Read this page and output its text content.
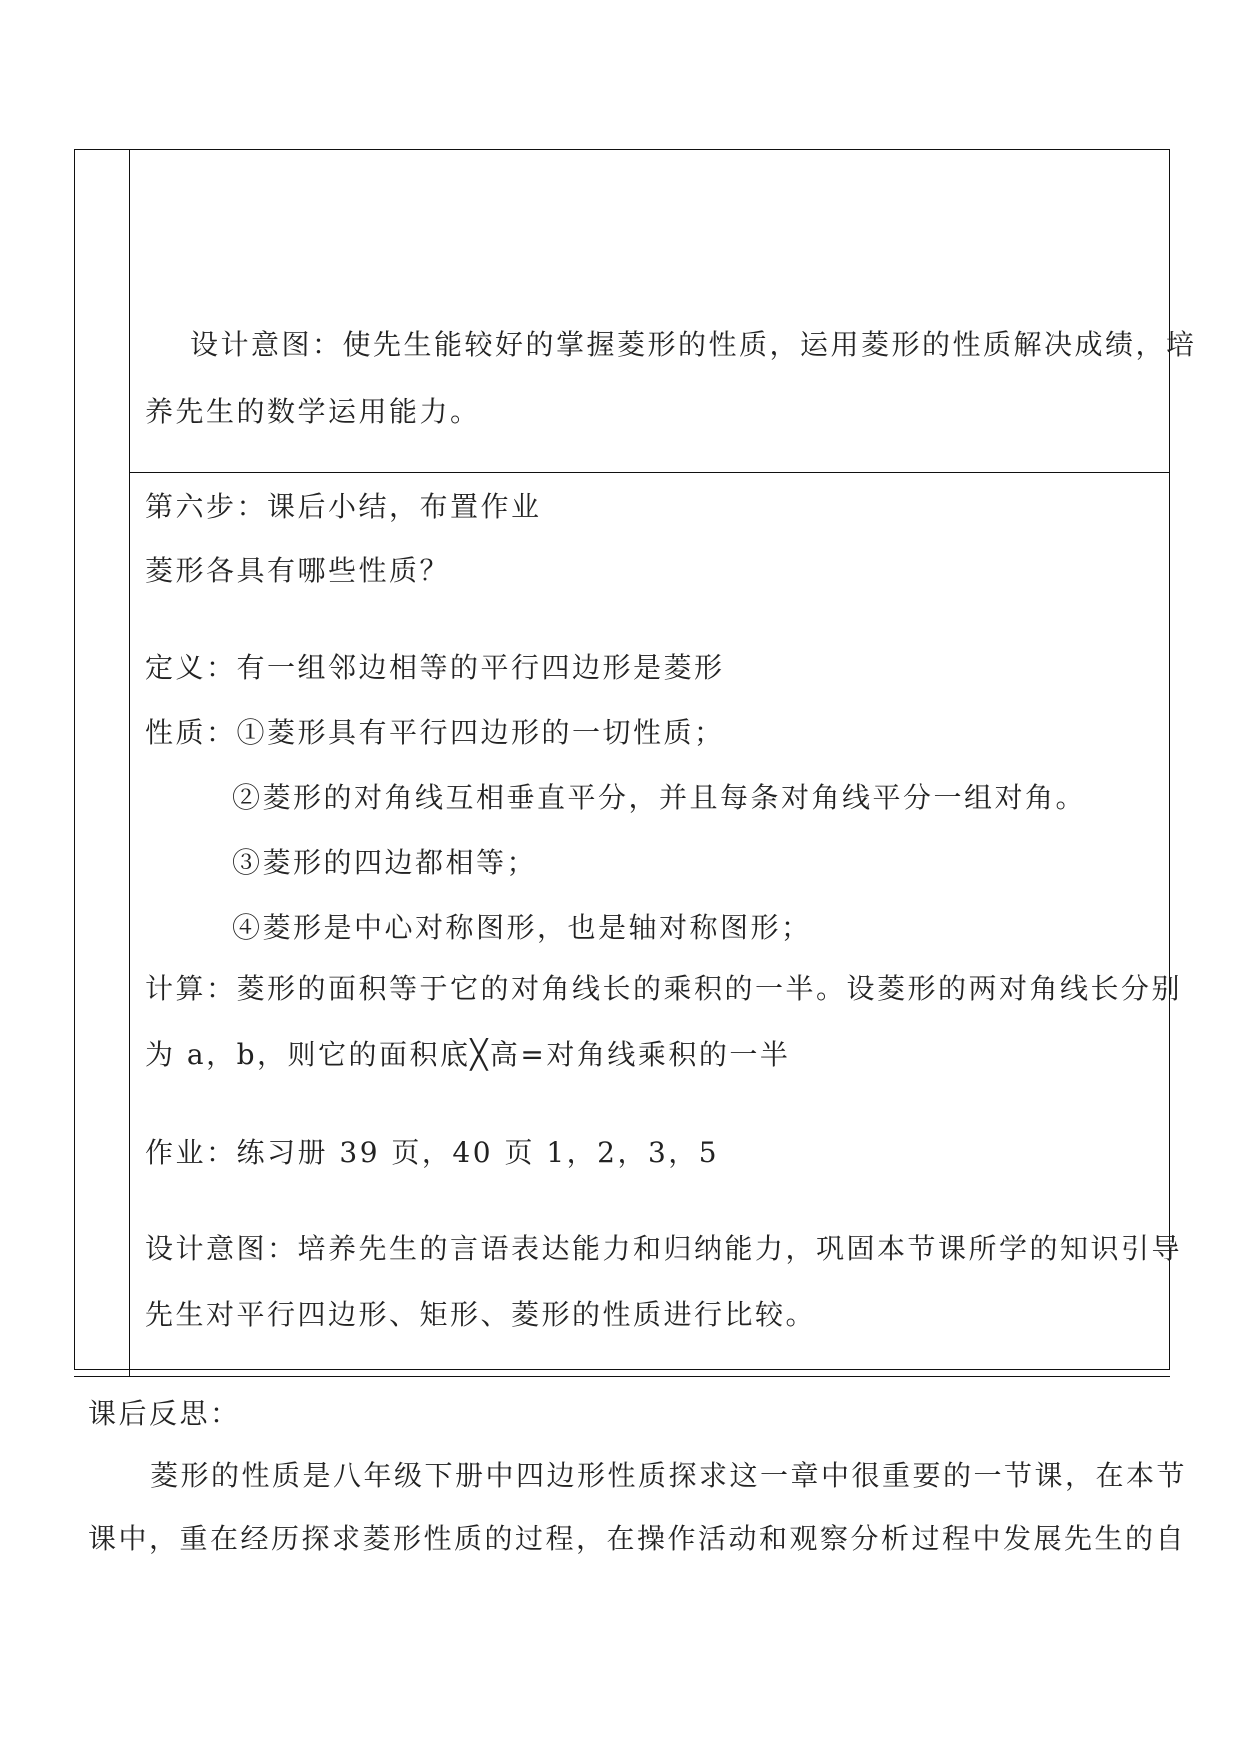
设计意图：使先生能较好的掌握菱形的性质，运用菱形的性质解决成绩，培
养先生的数学运用能力。
第六步：课后小结，布置作业
菱形各具有哪些性质？
定义：有一组邻边相等的平行四边形是菱形
性质：①菱形具有平行四边形的一切性质；
②菱形的对角线互相垂直平分，并且每条对角线平分一组对角。
③菱形的四边都相等；
④菱形是中心对称图形，也是轴对称图形；
计算：菱形的面积等于它的对角线长的乘积的一半。设菱形的两对角线长分别
为 a，b，则它的面积底╳高=对角线乘积的一半
作业：练习册 39 页，40 页 1，2，3，5
设计意图：培养先生的言语表达能力和归纳能力，巩固本节课所学的知识引导
先生对平行四边形、矩形、菱形的性质进行比较。
课后反思：
菱形的性质是八年级下册中四边形性质探求这一章中很重要的一节课，在本节
课中，重在经历探求菱形性质的过程，在操作活动和观察分析过程中发展先生的自
